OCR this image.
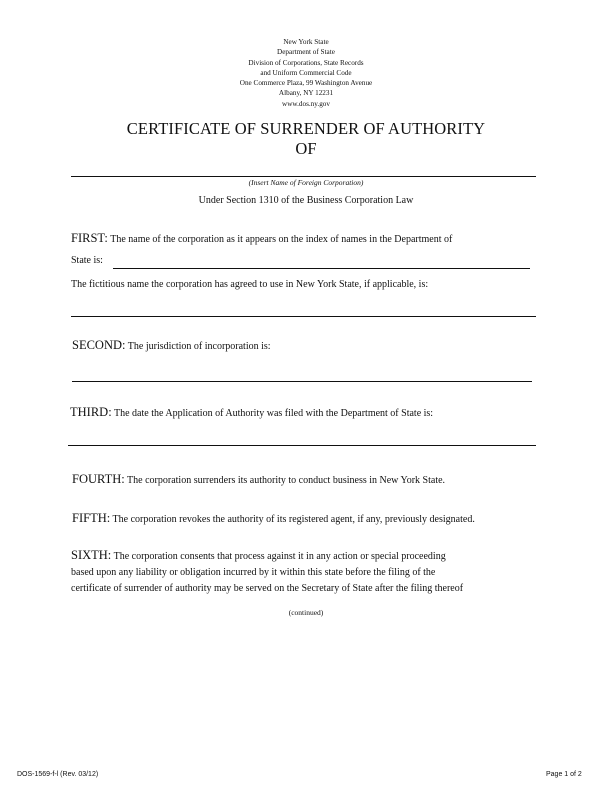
New York State
Department of State
Division of Corporations, State Records
and Uniform Commercial Code
One Commerce Plaza, 99 Washington Avenue
Albany, NY 12231
www.dos.ny.gov
CERTIFICATE OF SURRENDER OF AUTHORITY
OF
(Insert Name of Foreign Corporation)
Under Section 1310 of the Business Corporation Law
FIRST: The name of the corporation as it appears on the index of names in the Department of
State is:
The fictitious name the corporation has agreed to use in New York State, if applicable, is:
SECOND: The jurisdiction of incorporation is:
THIRD: The date the Application of Authority was filed with the Department of State is:
FOURTH: The corporation surrenders its authority to conduct business in New York State.
FIFTH: The corporation revokes the authority of its registered agent, if any, previously designated.
SIXTH: The corporation consents that process against it in any action or special proceeding
based upon any liability or obligation incurred by it within this state before the filing of the
certificate of surrender of authority may be served on the Secretary of State after the filing thereof
(continued)
DOS-1569-f-l (Rev. 03/12)	Page 1 of 2
